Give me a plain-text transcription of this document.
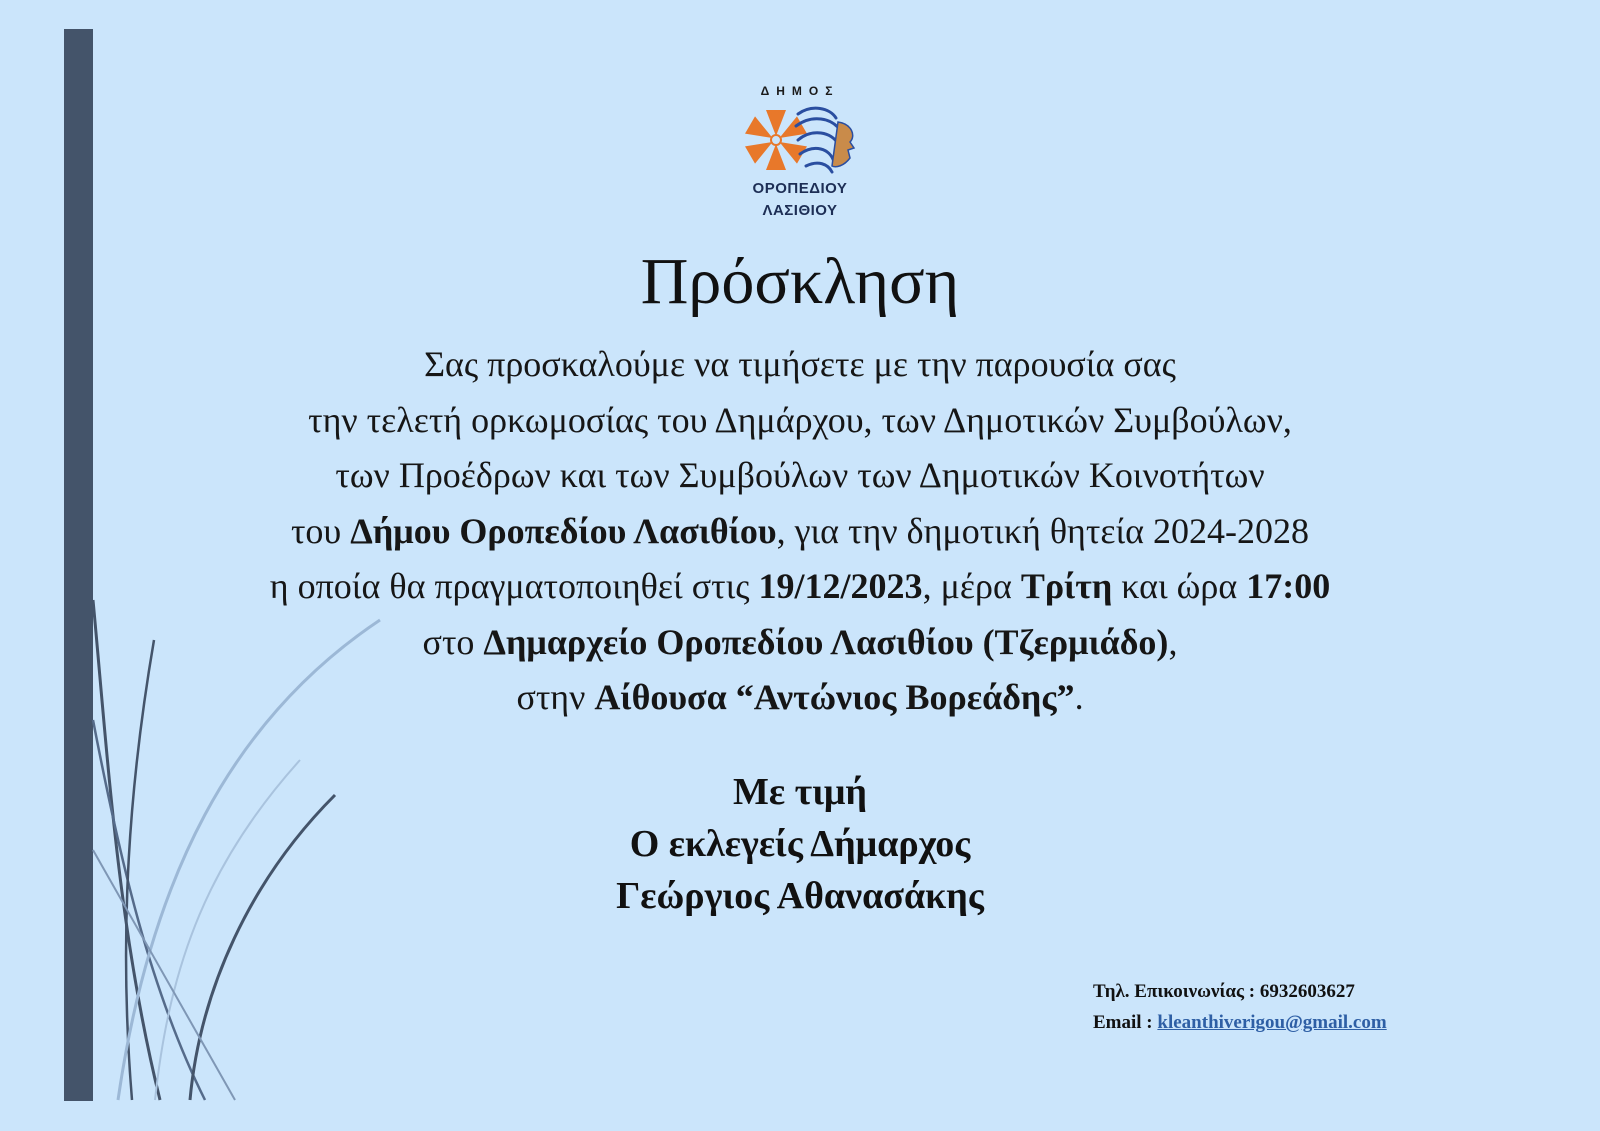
ΔΗΜΟΣ
ΟΡΟΠΕΔΙΟΥ
ΛΑΣΙΘΙΟΥ
Πρόσκληση
Σας προσκαλούμε να τιμήσετε με την παρουσία σας
την τελετή ορκωμοσίας του Δημάρχου, των Δημοτικών Συμβούλων,
των Προέδρων και των Συμβούλων των Δημοτικών Κοινοτήτων
του Δήμου Οροπεδίου Λασιθίου, για την δημοτική θητεία 2024-2028
η οποία θα πραγματοποιηθεί στις 19/12/2023, μέρα Τρίτη και ώρα 17:00
στο Δημαρχείο Οροπεδίου Λασιθίου (Τζερμιάδο),
στην Αίθουσα “Αντώνιος Βορεάδης”.
Με τιμή
Ο εκλεγείς Δήμαρχος
Γεώργιος Αθανασάκης
Τηλ. Επικοινωνίας : 6932603627
Email : kleanthiverigou@gmail.com
